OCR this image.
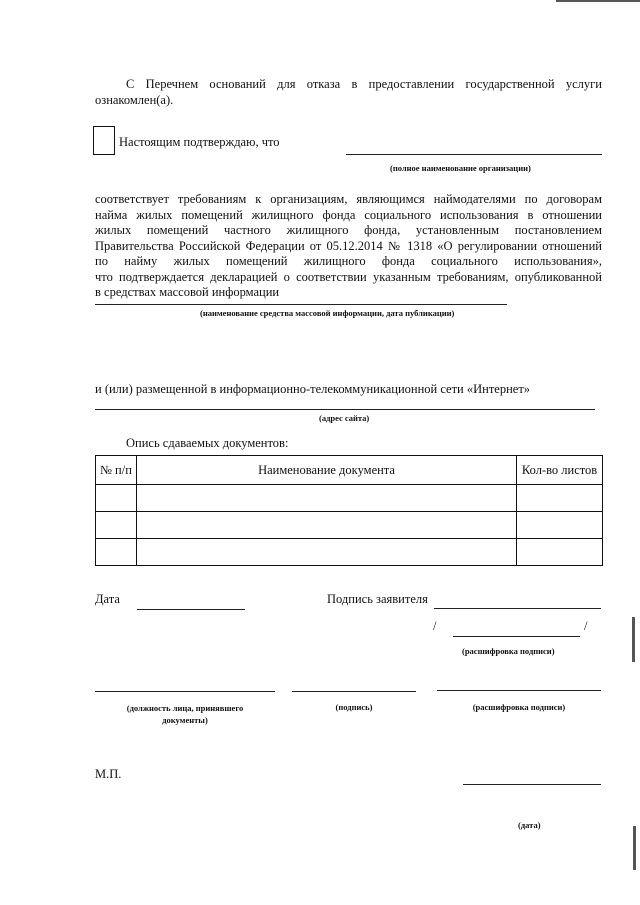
С Перечнем оснований для отказа в предоставлении государственной услуги
ознакомлен(а).
Настоящим подтверждаю, что
(полное наименование организации)

соответствует требованиям к организациям, являющимся наймодателями по договорам

найма жилых помещений жилищного фонда социального использования в отношении

жилых помещений частного жилищного фонда, установленным постановлением

Правительства Российской Федерации от 05.12.2014 № 1318 «О регулировании отношений

по найму жилых помещений жилищного фонда социального использования»,

что подтверждается декларацией о соответствии указанным требованиям, опубликованной

в средствах массовой информации

(наименование средства массовой информации, дата публикации)
и (или) размещенной в информационно-телекоммуникационной сети «Интернет»
(адрес сайта)
Опись сдаваемых документов:
№ п/п	Наименование документа	Кол-во листов

Дата	Подпись заявителя
/	/
(расшифровка подписи)
(должность лица, принявшего
документы)
(подпись)	(расшифровка подписи)
М.П.
(дата)
